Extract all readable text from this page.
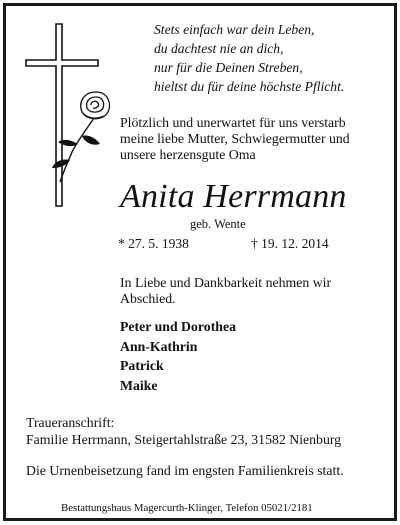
Stets einfach war dein Leben,
du dachtest nie an dich,
nur für die Deinen Streben,
hieltst du für deine höchste Pflicht.
Plötzlich und unerwartet für uns verstarb
meine liebe Mutter, Schwiegermutter und
unsere herzensgute Oma
Anita Herrmann
geb. Wente
* 27. 5. 1938	† 19. 12. 2014
In Liebe und Dankbarkeit nehmen wir
Abschied.
Peter und Dorothea
Ann-Kathrin
Patrick
Maike
Traueranschrift:
Familie Herrmann, Steigertahlstraße 23, 31582 Nienburg
Die Urnenbeisetzung fand im engsten Familienkreis statt.
Bestattungshaus Magercurth-Klinger, Telefon 05021/2181
